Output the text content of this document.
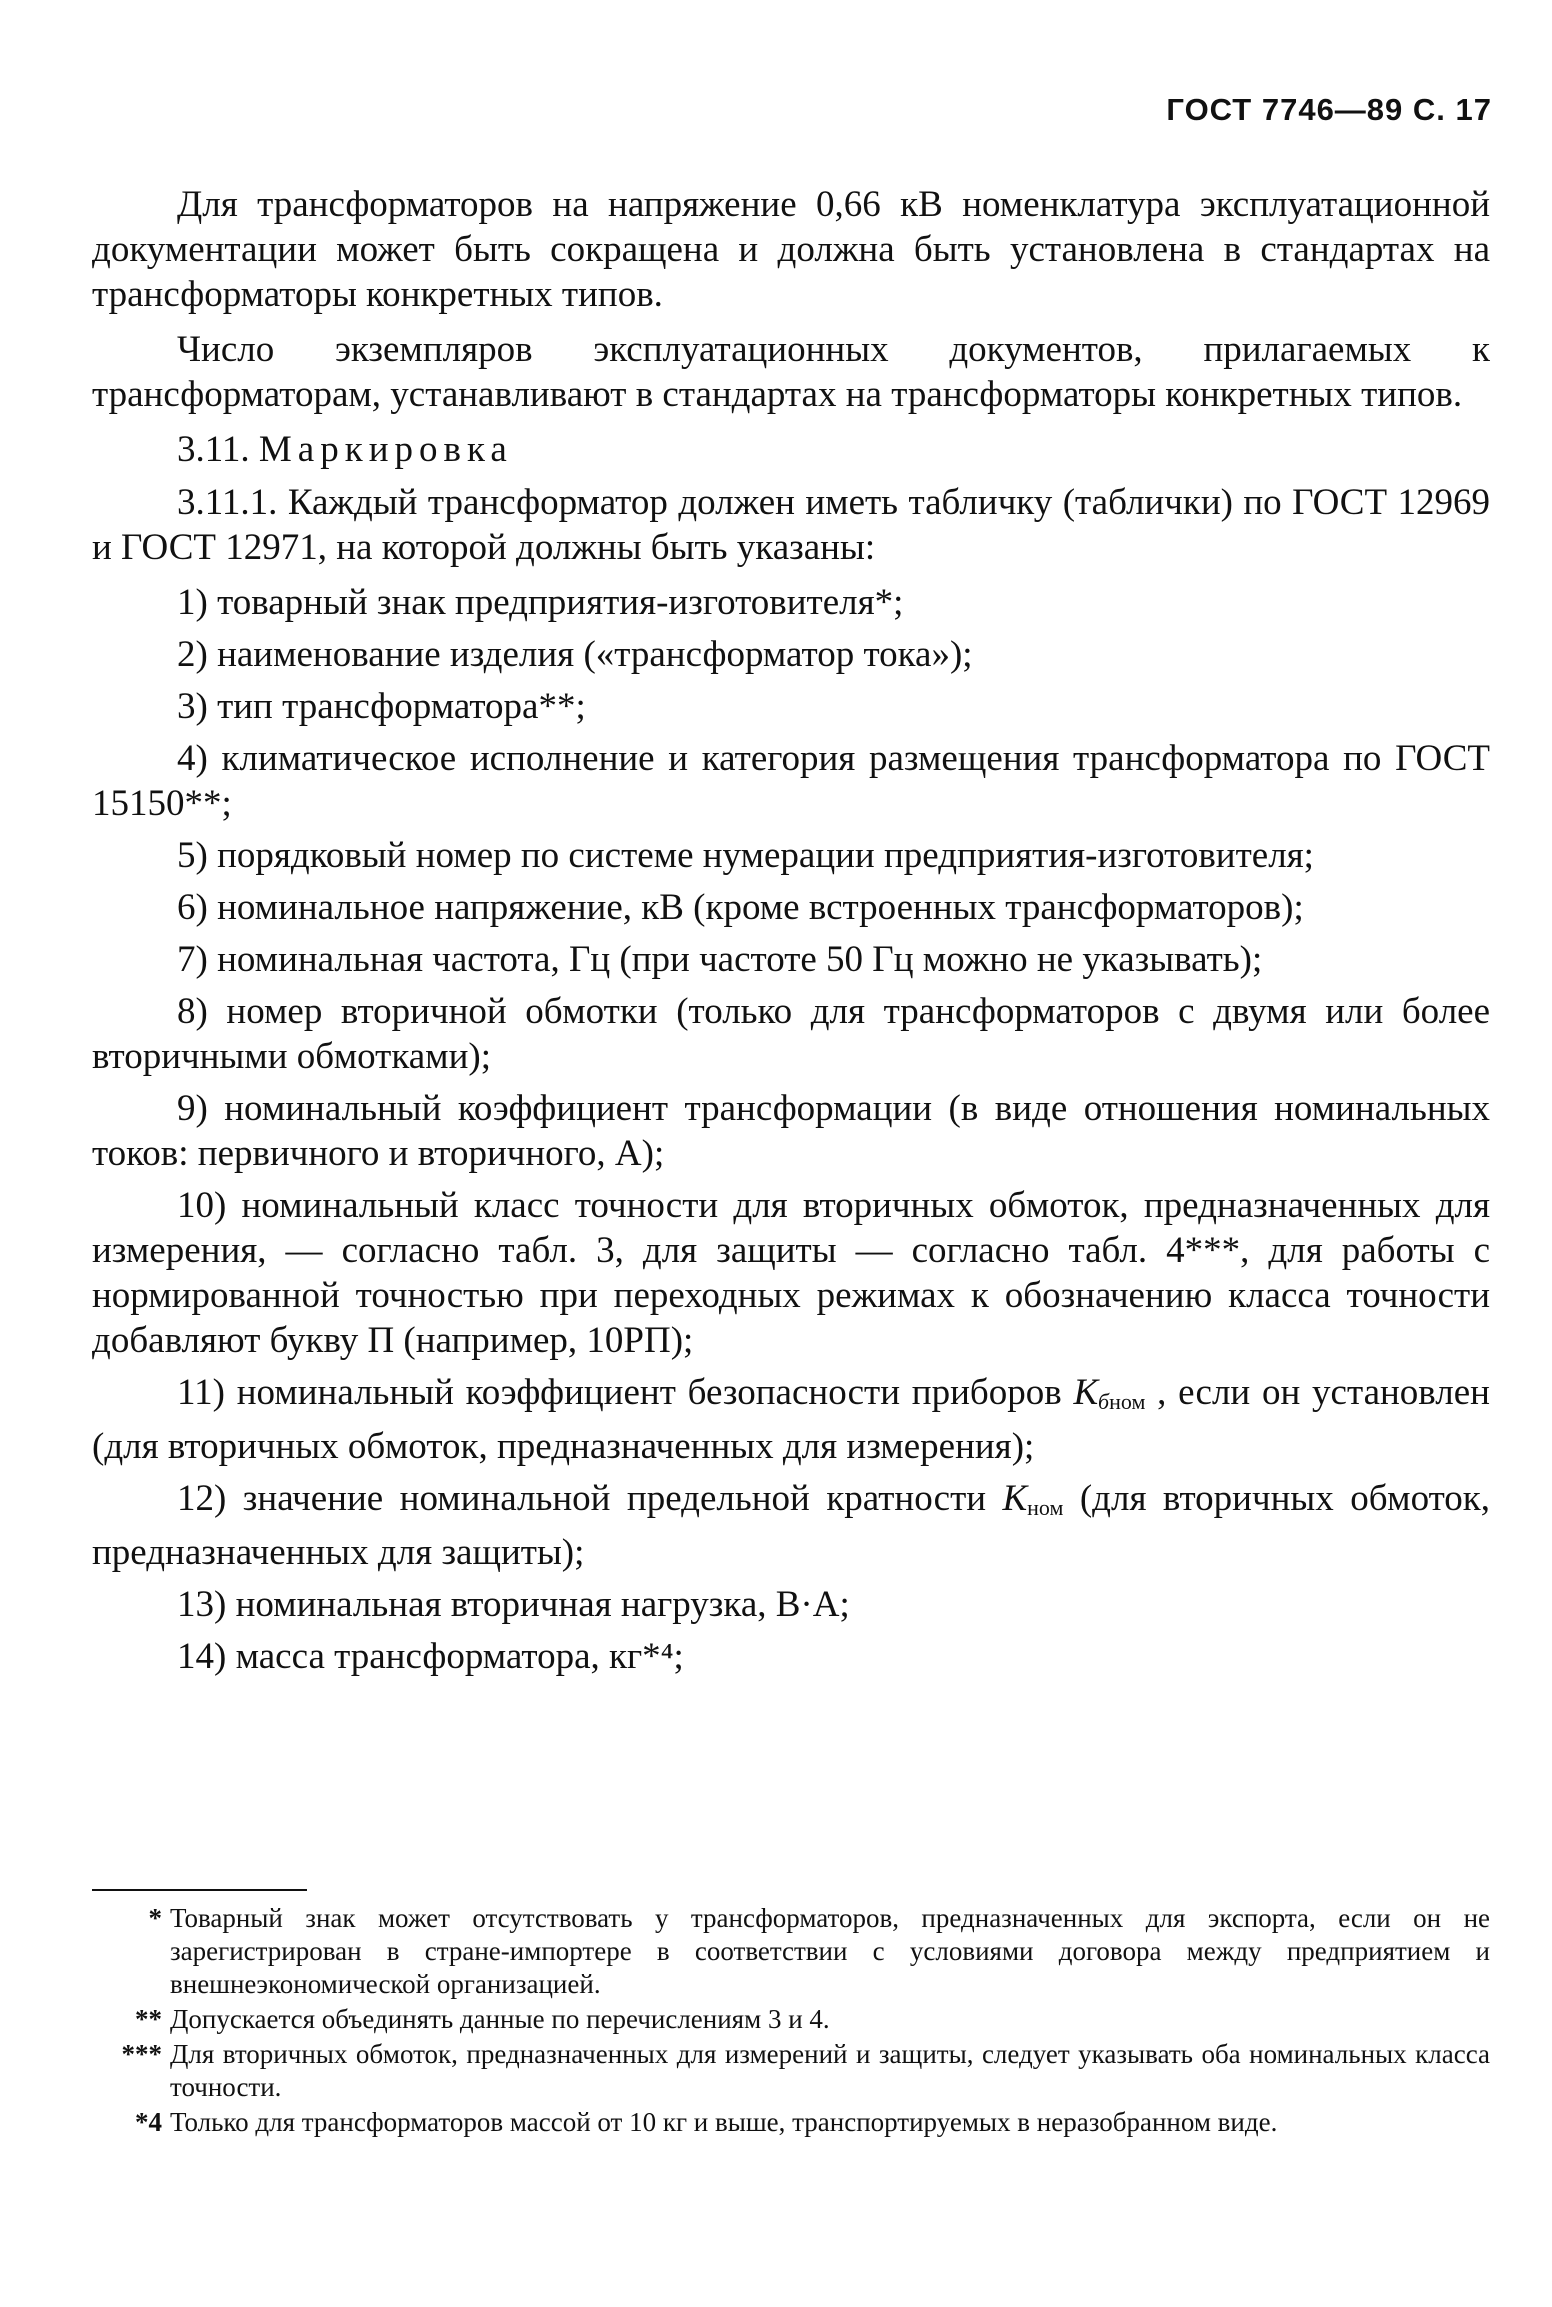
ГОСТ 7746—89 С. 17

Для трансформаторов на напряжение 0,66 кВ номенклатура эксплуатационной документации может быть сокращена и должна быть установлена в стандартах на трансформаторы конкретных типов.

Число экземпляров эксплуатационных документов, прилагаемых к трансформаторам, устанавливают в стандартах на трансформаторы конкретных типов.

3.11. Маркировка

3.11.1. Каждый трансформатор должен иметь табличку (таблички) по ГОСТ 12969 и ГОСТ 12971, на которой должны быть указаны:

1) товарный знак предприятия-изготовителя*;

2) наименование изделия («трансформатор тока»);

3) тип трансформатора**;

4) климатическое исполнение и категория размещения трансформатора по ГОСТ 15150**;

5) порядковый номер по системе нумерации предприятия-изготовителя;

6) номинальное напряжение, кВ (кроме встроенных трансформаторов);

7) номинальная частота, Гц (при частоте 50 Гц можно не указывать);

8) номер вторичной обмотки (только для трансформаторов с двумя или более вторичными обмотками);

9) номинальный коэффициент трансформации (в виде отношения номинальных токов: первичного и вторичного, А);

10) номинальный класс точности для вторичных обмоток, предназначенных для измерения, — согласно табл. 3, для защиты — согласно табл. 4***, для работы с нормированной точностью при переходных режимах к обозначению класса точности добавляют букву П (например, 10РП);

11) номинальный коэффициент безопасности приборов $К_{бном}$ , если он установлен (для вторичных обмоток, предназначенных для измерения);

12) значение номинальной предельной кратности $К_{ном}$ (для вторичных обмоток, предназначенных для защиты);

13) номинальная вторичная нагрузка, В·А;

14) масса трансформатора, кг*⁴;

* Товарный знак может отсутствовать у трансформаторов, предназначенных для экспорта, если он не зарегистрирован в стране-импортере в соответствии с условиями договора между предприятием и внешнеэкономической организацией.

** Допускается объединять данные по перечислениям 3 и 4.

*** Для вторичных обмоток, предназначенных для измерений и защиты, следует указывать оба номинальных класса точности.

*4 Только для трансформаторов массой от 10 кг и выше, транспортируемых в неразобранном виде.
